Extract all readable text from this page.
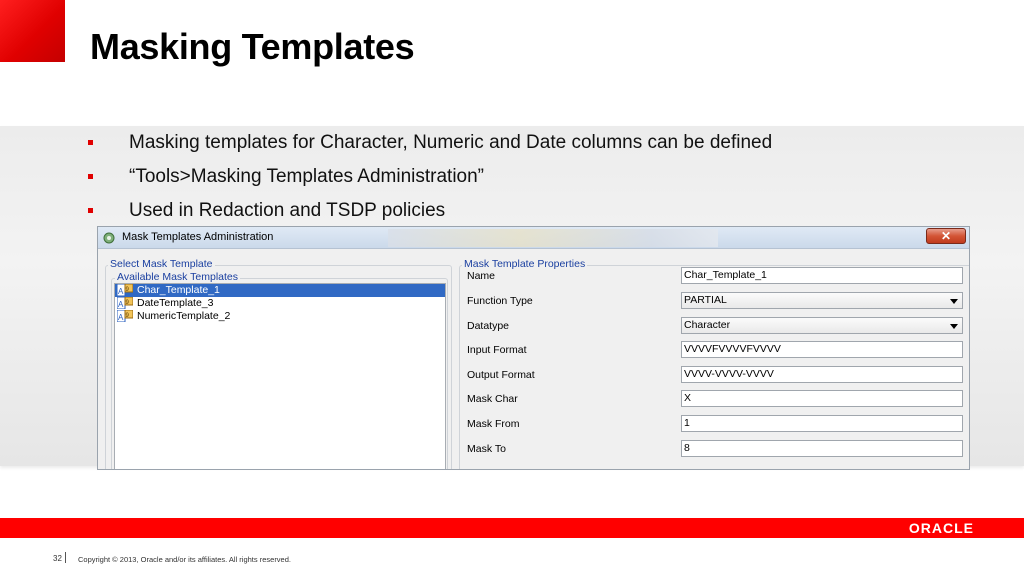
Masking Templates
Masking templates for Character, Numeric and Date columns can be defined
“Tools>Masking Templates Administration”
Used in Redaction and TSDP policies
Mask Templates Administration	✕
Select Mask Template
Available Mask Templates
A 9 Char_Template_1
A 9 DateTemplate_3
A 9 NumericTemplate_2
Mask Template Properties
Name	Char_Template_1
Function Type	PARTIAL
Datatype	Character
Input Format	VVVVFVVVVFVVVV
Output Format	VVVV-VVVV-VVVV
Mask Char	X
Mask From	1
Mask To	8
ORACLE
32 Copyright © 2013, Oracle and/or its affiliates. All rights reserved.
